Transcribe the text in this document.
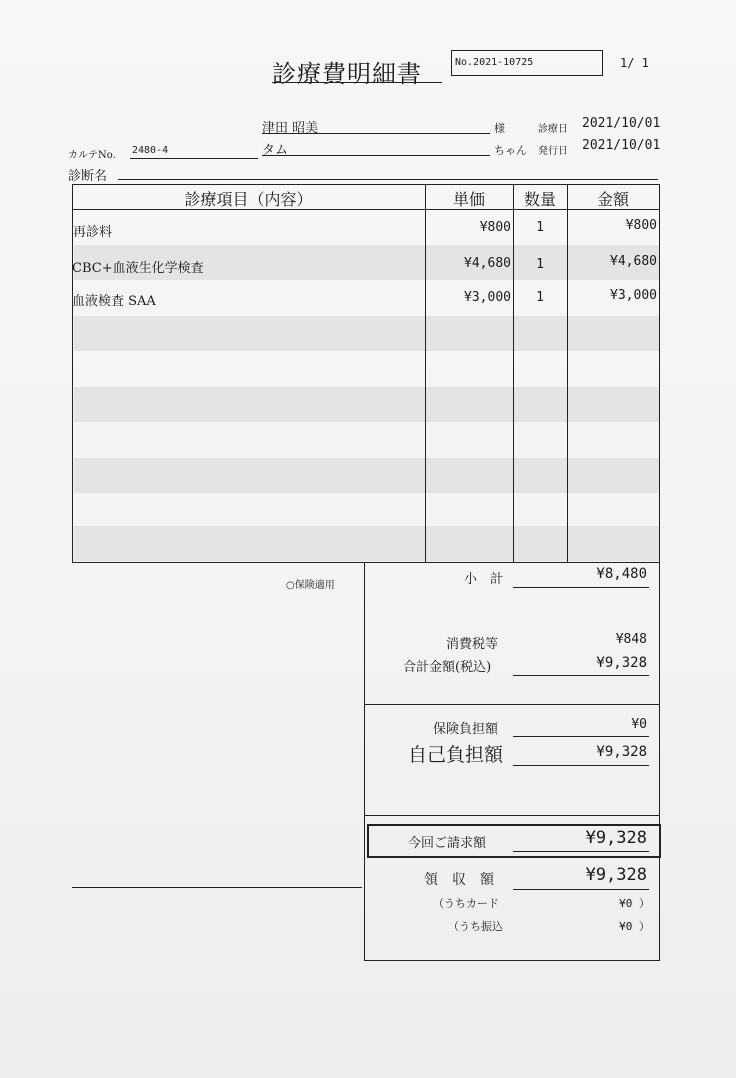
診療費明細書	No.2021-10725	1/ 1
津田 昭美	様	診療日 2021/10/01
カルテNo. 2480-4	タム	ちゃん 発行日 2021/10/01
診断名
診療項目（内容）	単価	数量	金額
再診料	¥800	1	¥800
CBC+血液生化学検査	¥4,680	1	¥4,680
血液検査 SAA	¥3,000	1	¥3,000
○保険適用	小　計	¥8,480
消費税等	¥848
合計金額(税込)	¥9,328
保険負担額	¥0
自己負担額	¥9,328
今回ご請求額	¥9,328
領　収　額	¥9,328
（うちカード	¥0 ）
（うち振込	¥0 ）
